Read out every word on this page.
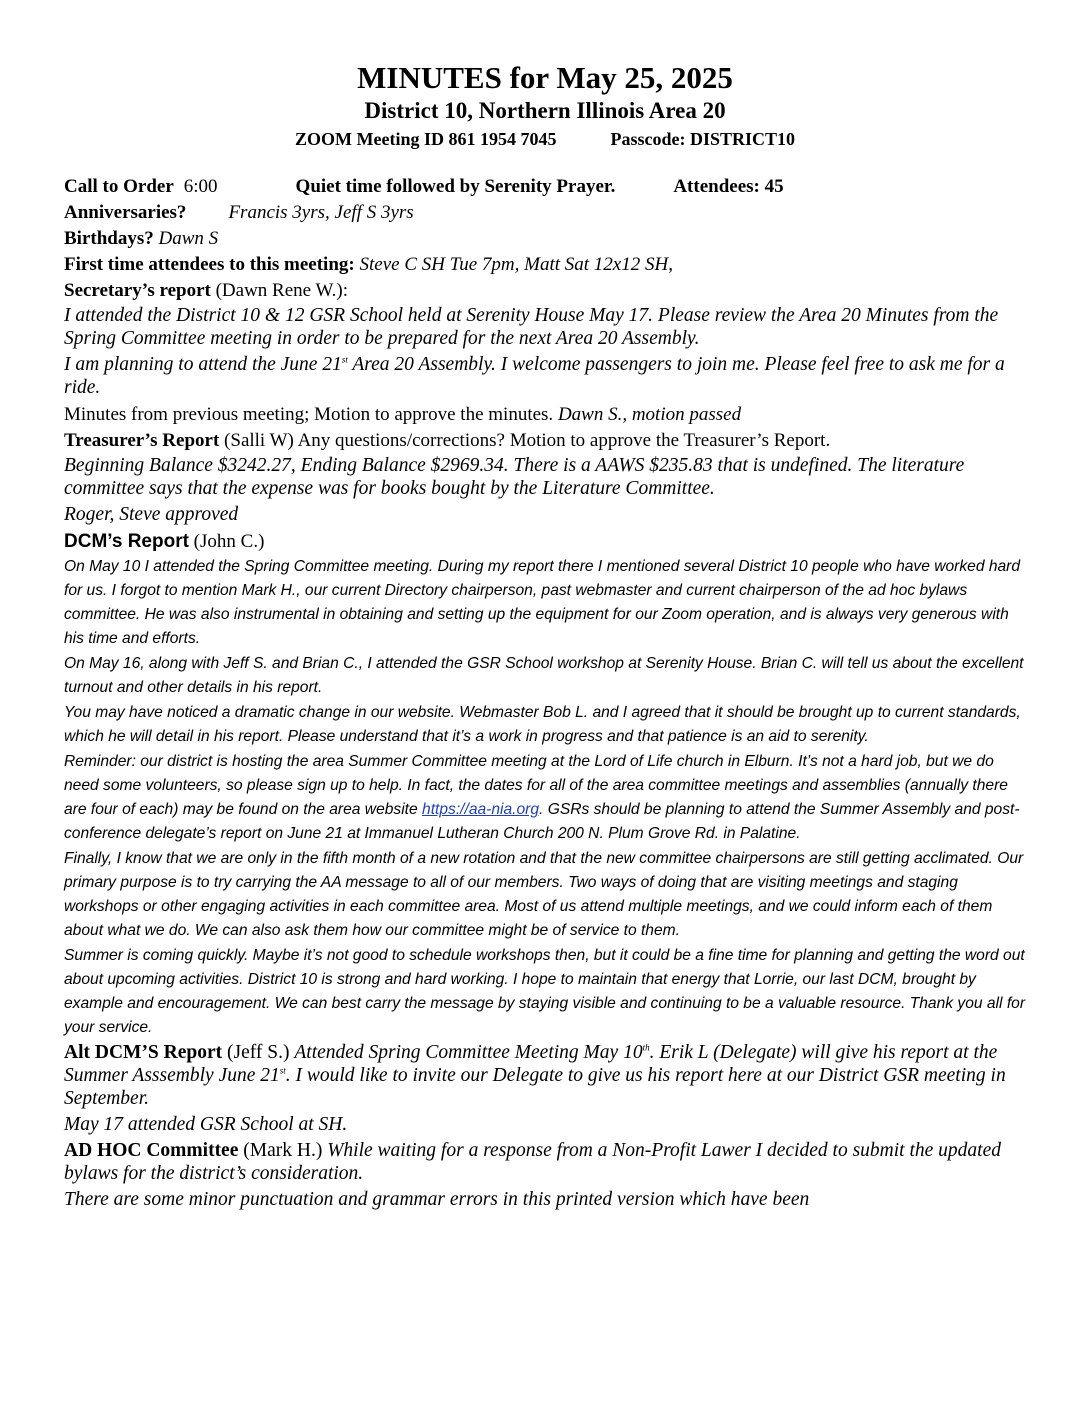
MINUTES for May 25, 2025
District 10, Northern Illinois Area 20

ZOOM Meeting ID 861 1954 7045	Passcode: DISTRICT10

Call to Order 6:00	Quiet time followed by Serenity Prayer.	Attendees: 45

Anniversaries? Francis 3yrs, Jeff S 3yrs

Birthdays? Dawn S

First time attendees to this meeting: Steve C SH Tue 7pm, Matt Sat 12x12 SH,

Secretary’s report (Dawn Rene W.):

I attended the District 10 & 12 GSR School held at Serenity House May 17. Please review the Area 20 Minutes from the Spring Committee meeting in order to be prepared for the next Area 20 Assembly.

I am planning to attend the June 21st Area 20 Assembly. I welcome passengers to join me. Please feel free to ask me for a ride.

Minutes from previous meeting; Motion to approve the minutes. Dawn S., motion passed

Treasurer’s Report (Salli W) Any questions/corrections? Motion to approve the Treasurer’s Report.

Beginning Balance $3242.27, Ending Balance $2969.34. There is a AAWS $235.83 that is undefined. The literature committee says that the expense was for books bought by the Literature Committee.

Roger, Steve approved

DCM’s Report (John C.)

On May 10 I attended the Spring Committee meeting. During my report there I mentioned several District 10 people who have worked hard for us. I forgot to mention Mark H., our current Directory chairperson, past webmaster and current chairperson of the ad hoc bylaws committee. He was also instrumental in obtaining and setting up the equipment for our Zoom operation, and is always very generous with his time and efforts.

On May 16, along with Jeff S. and Brian C., I attended the GSR School workshop at Serenity House. Brian C. will tell us about the excellent turnout and other details in his report.

You may have noticed a dramatic change in our website. Webmaster Bob L. and I agreed that it should be brought up to current standards, which he will detail in his report. Please understand that it’s a work in progress and that patience is an aid to serenity.

Reminder: our district is hosting the area Summer Committee meeting at the Lord of Life church in Elburn. It’s not a hard job, but we do need some volunteers, so please sign up to help. In fact, the dates for all of the area committee meetings and assemblies (annually there are four of each) may be found on the area website https://aa-nia.org. GSRs should be planning to attend the Summer Assembly and post-conference delegate’s report on June 21 at Immanuel Lutheran Church 200 N. Plum Grove Rd. in Palatine.

Finally, I know that we are only in the fifth month of a new rotation and that the new committee chairpersons are still getting acclimated. Our primary purpose is to try carrying the AA message to all of our members. Two ways of doing that are visiting meetings and staging workshops or other engaging activities in each committee area. Most of us attend multiple meetings, and we could inform each of them about what we do. We can also ask them how our committee might be of service to them.

Summer is coming quickly. Maybe it’s not good to schedule workshops then, but it could be a fine time for planning and getting the word out about upcoming activities. District 10 is strong and hard working. I hope to maintain that energy that Lorrie, our last DCM, brought by example and encouragement. We can best carry the message by staying visible and continuing to be a valuable resource. Thank you all for your service.

Alt DCM’S Report (Jeff S.) Attended Spring Committee Meeting May 10th. Erik L (Delegate) will give his report at the Summer Asssembly June 21st. I would like to invite our Delegate to give us his report here at our District GSR meeting in September.

May 17 attended GSR School at SH.

AD HOC Committee (Mark H.) While waiting for a response from a Non-Profit Lawer I decided to submit the updated bylaws for the district’s consideration.

There are some minor punctuation and grammar errors in this printed version which have been
